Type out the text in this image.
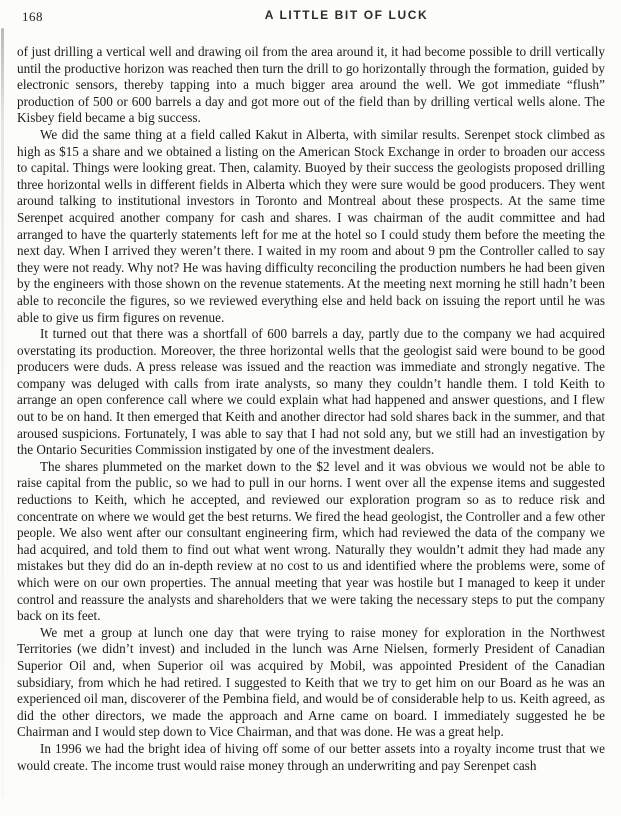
168	A LITTLE BIT OF LUCK

of just drilling a vertical well and drawing oil from the area around it, it had become possible to drill vertically until the productive horizon was reached then turn the drill to go horizontally through the formation, guided by electronic sensors, thereby tapping into a much bigger area around the well. We got immediate “flush” production of 500 or 600 barrels a day and got more out of the field than by drilling vertical wells alone. The Kisbey field became a big success.

We did the same thing at a field called Kakut in Alberta, with similar results. Serenpet stock climbed as high as $15 a share and we obtained a listing on the American Stock Exchange in order to broaden our access to capital. Things were looking great. Then, calamity. Buoyed by their success the geologists proposed drilling three horizontal wells in different fields in Alberta which they were sure would be good producers. They went around talking to institutional investors in Toronto and Montreal about these prospects. At the same time Serenpet acquired another company for cash and shares. I was chairman of the audit committee and had arranged to have the quarterly statements left for me at the hotel so I could study them before the meeting the next day. When I arrived they weren’t there. I waited in my room and about 9 pm the Controller called to say they were not ready. Why not? He was having difficulty reconciling the production numbers he had been given by the engineers with those shown on the revenue statements. At the meeting next morning he still hadn’t been able to reconcile the figures, so we reviewed everything else and held back on issuing the report until he was able to give us firm figures on revenue.

It turned out that there was a shortfall of 600 barrels a day, partly due to the company we had acquired overstating its production. Moreover, the three horizontal wells that the geologist said were bound to be good producers were duds. A press release was issued and the reaction was immediate and strongly negative. The company was deluged with calls from irate analysts, so many they couldn’t handle them. I told Keith to arrange an open conference call where we could explain what had happened and answer questions, and I flew out to be on hand. It then emerged that Keith and another director had sold shares back in the summer, and that aroused suspicions. Fortunately, I was able to say that I had not sold any, but we still had an investigation by the Ontario Securities Commission instigated by one of the investment dealers.

The shares plummeted on the market down to the $2 level and it was obvious we would not be able to raise capital from the public, so we had to pull in our horns. I went over all the expense items and suggested reductions to Keith, which he accepted, and reviewed our exploration program so as to reduce risk and concentrate on where we would get the best returns. We fired the head geologist, the Controller and a few other people. We also went after our consultant engineering firm, which had reviewed the data of the company we had acquired, and told them to find out what went wrong. Naturally they wouldn’t admit they had made any mistakes but they did do an in-depth review at no cost to us and identified where the problems were, some of which were on our own properties. The annual meeting that year was hostile but I managed to keep it under control and reassure the analysts and shareholders that we were taking the necessary steps to put the company back on its feet.

We met a group at lunch one day that were trying to raise money for exploration in the Northwest Territories (we didn’t invest) and included in the lunch was Arne Nielsen, formerly President of Canadian Superior Oil and, when Superior oil was acquired by Mobil, was appointed President of the Canadian subsidiary, from which he had retired. I suggested to Keith that we try to get him on our Board as he was an experienced oil man, discoverer of the Pembina field, and would be of considerable help to us. Keith agreed, as did the other directors, we made the approach and Arne came on board. I immediately suggested he be Chairman and I would step down to Vice Chairman, and that was done. He was a great help.

In 1996 we had the bright idea of hiving off some of our better assets into a royalty income trust that we would create. The income trust would raise money through an underwriting and pay Serenpet cash
